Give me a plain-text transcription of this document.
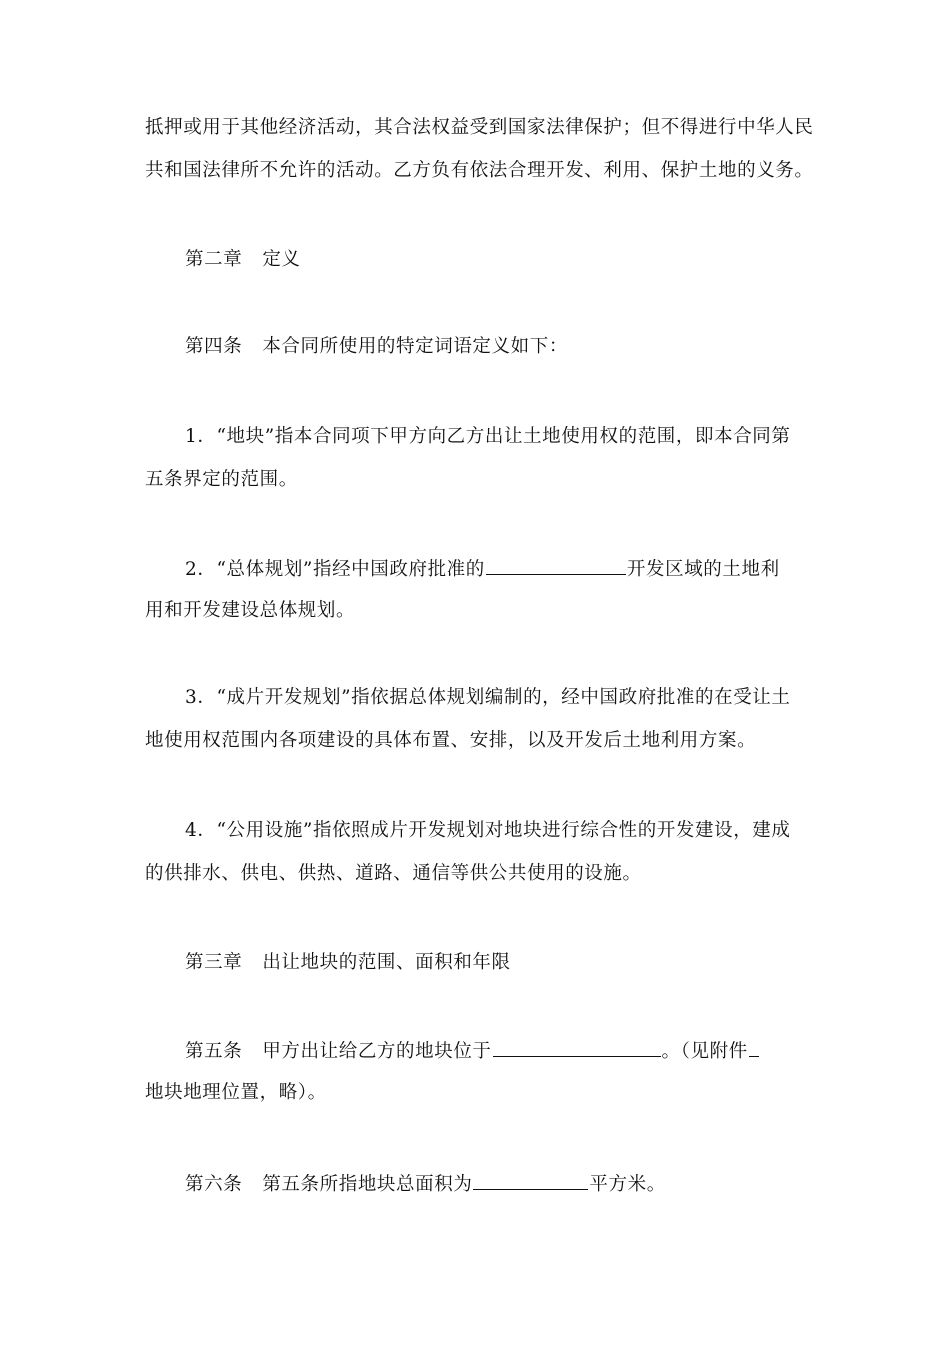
抵押或用于其他经济活动，其合法权益受到国家法律保护；但不得进行中华人民
共和国法律所不允许的活动。乙方负有依法合理开发、利用、保护土地的义务。
第二章 定义
第四条 本合同所使用的特定词语定义如下：
1．“地块”指本合同项下甲方向乙方出让土地使用权的范围，即本合同第
五条界定的范围。
2．“总体规划”指经中国政府批准的	开发区域的土地利
用和开发建设总体规划。
3．“成片开发规划”指依据总体规划编制的，经中国政府批准的在受让土
地使用权范围内各项建设的具体布置、安排，以及开发后土地利用方案。
4．“公用设施”指依照成片开发规划对地块进行综合性的开发建设，建成
的供排水、供电、供热、道路、通信等供公共使用的设施。
第三章 出让地块的范围、面积和年限
第五条 甲方出让给乙方的地块位于	。（见附件
地块地理位置，略）。
第六条 第五条所指地块总面积为	平方米。
